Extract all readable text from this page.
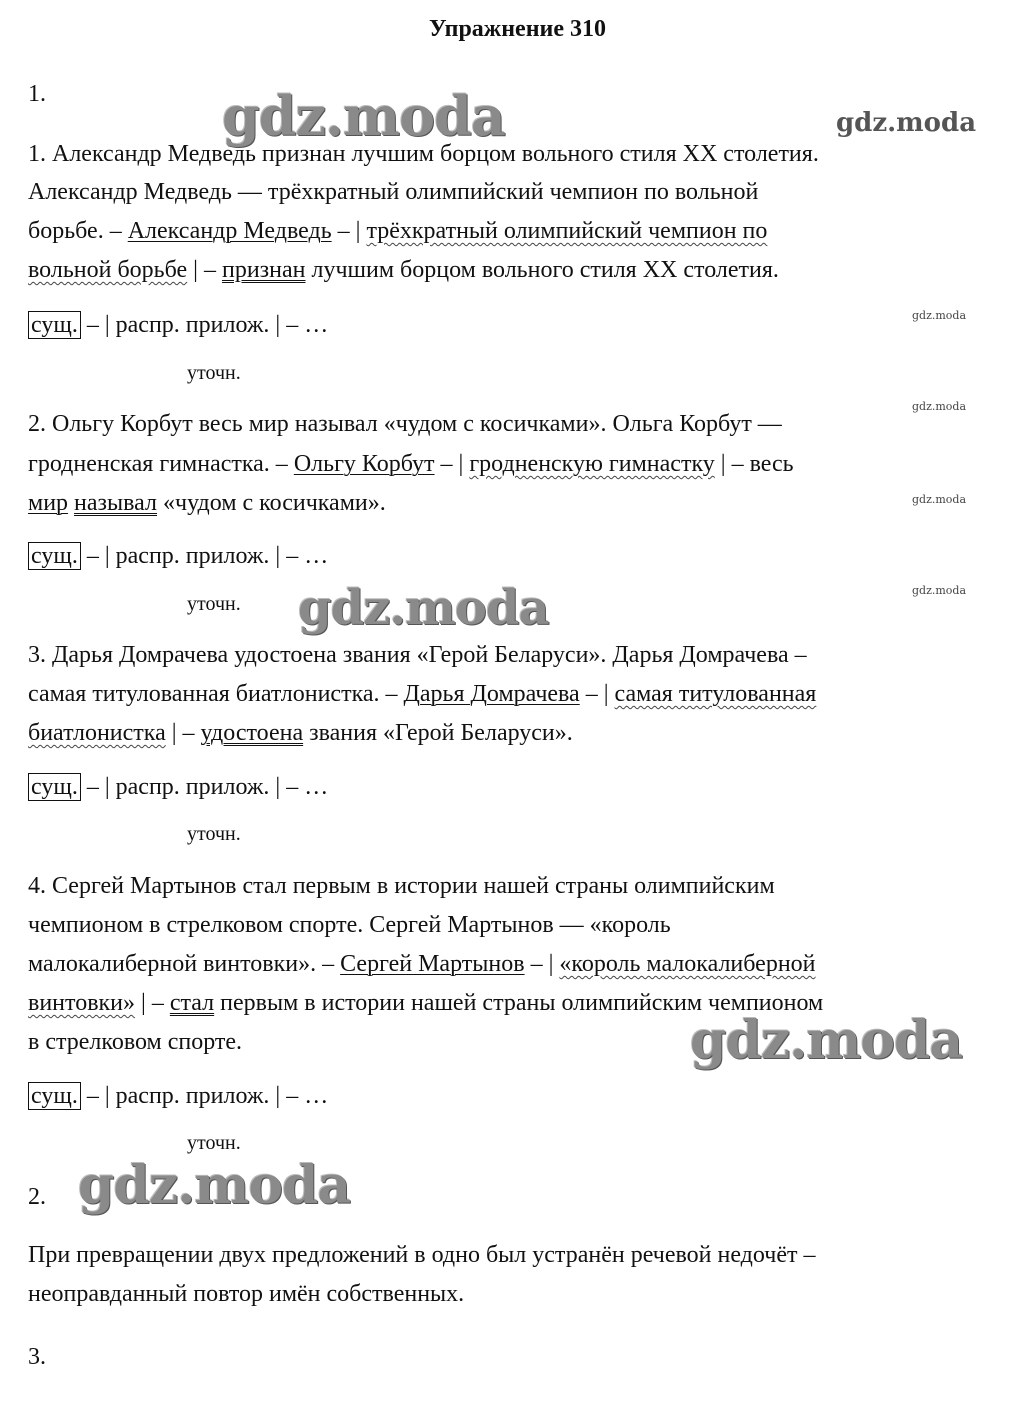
Упражнение 310
1.
1. Александр Медведь признан лучшим борцом вольного стиля XX столетия.
Александр Медведь — трёхкратный олимпийский чемпион по вольной
борьбе. – Александр Медведь – | трёхкратный олимпийский чемпион по
вольной борьбе | – признан лучшим борцом вольного стиля XX столетия.
сущ. – | распр. прилож. | – …
уточн.
2. Ольгу Корбут весь мир называл «чудом с косичками». Ольга Корбут —
гродненская гимнастка. – Ольгу Корбут – | гродненскую гимнастку | – весь
мир называл «чудом с косичками».
сущ. – | распр. прилож. | – …
уточн.
3. Дарья Домрачева удостоена звания «Герой Беларуси». Дарья Домрачева –
самая титулованная биатлонистка. – Дарья Домрачева – | самая титулованная
биатлонистка | – удостоена звания «Герой Беларуси».
сущ. – | распр. прилож. | – …
уточн.
4. Сергей Мартынов стал первым в истории нашей страны олимпийским
чемпионом в стрелковом спорте. Сергей Мартынов — «король
малокалиберной винтовки». – Сергей Мартынов – | «король малокалиберной
винтовки» | – стал первым в истории нашей страны олимпийским чемпионом
в стрелковом спорте.
сущ. – | распр. прилож. | – …
уточн.
2.
При превращении двух предложений в одно был устранён речевой недочёт –
неоправданный повтор имён собственных.
3.
gdz.moda	gdz.moda
gdz.moda
gdz.moda
gdz.moda
gdz.moda
gdz.moda
gdz.moda
gdz.moda
